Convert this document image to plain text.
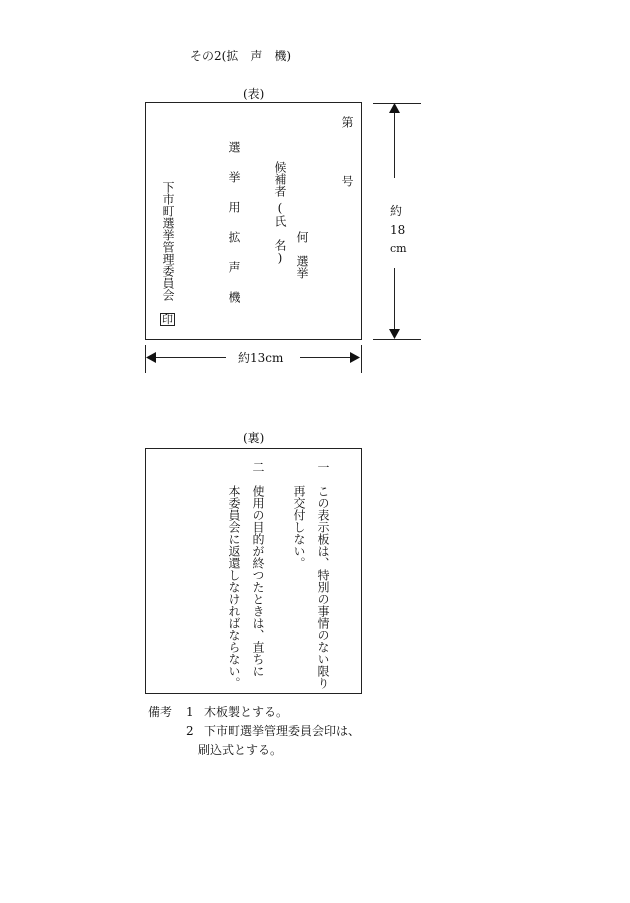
その2(拡　声　機)
(表)
第
号
選挙用拡声機	候補者
(氏　名) 何　選挙
下市町選挙管理委員会
印
約
18
cm
約13cm
(裏)
一
この表示板は、特別の事情のない限り
再交付しない。
二
使用の目的が終つたときは、直ちに
本委員会に返還しなければならない。
備考 1 木板製とする。
2 下市町選挙管理委員会印は、
刷込式とする。
